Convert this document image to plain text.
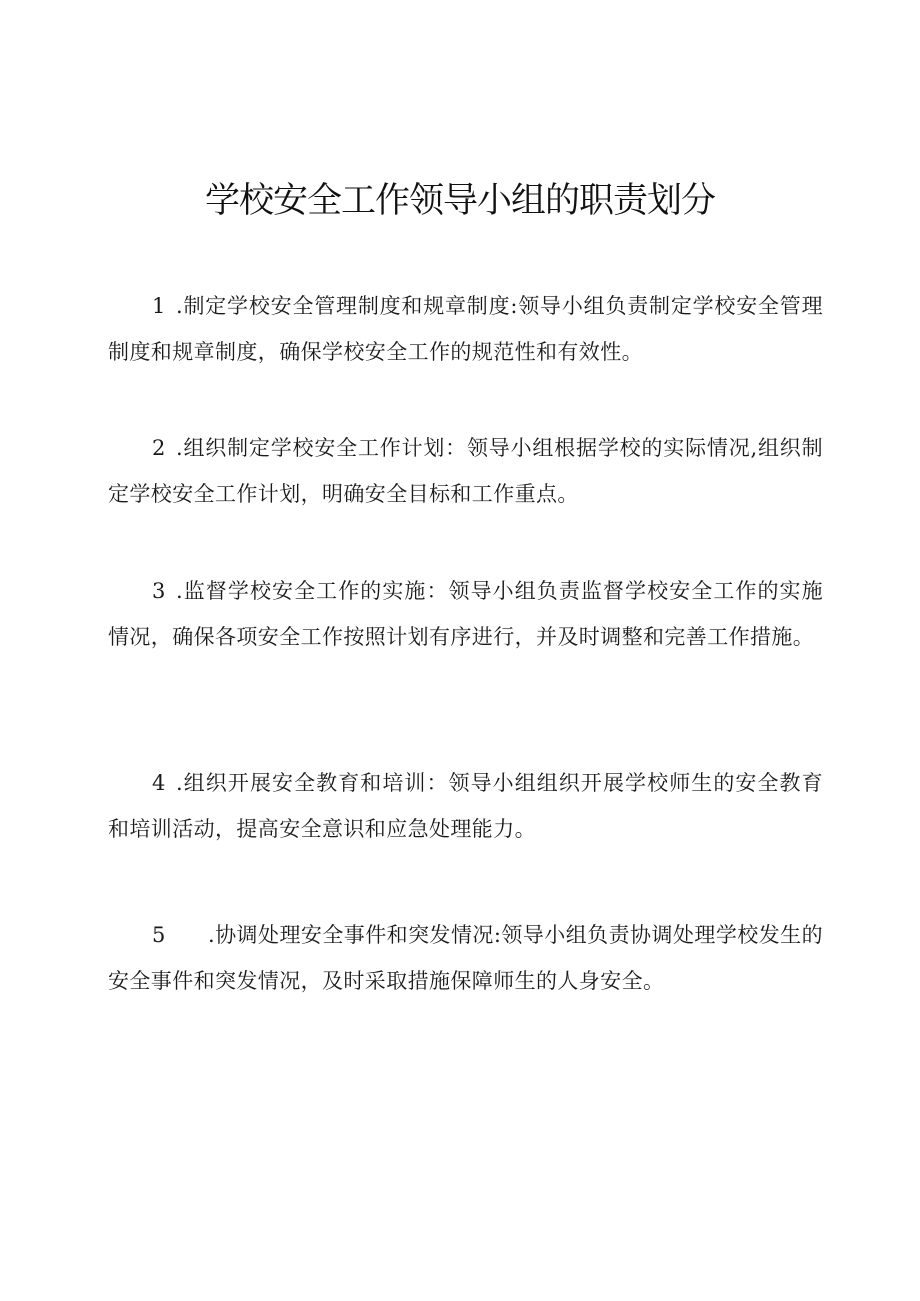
学校安全工作领导小组的职责划分

1 .制定学校安全管理制度和规章制度:领导小组负责制定学校安全管理制度和规章制度，确保学校安全工作的规范性和有效性。

2 .组织制定学校安全工作计划：领导小组根据学校的实际情况,组织制定学校安全工作计划，明确安全目标和工作重点。

3 .监督学校安全工作的实施：领导小组负责监督学校安全工作的实施情况，确保各项安全工作按照计划有序进行，并及时调整和完善工作措施。

4 .组织开展安全教育和培训：领导小组组织开展学校师生的安全教育和培训活动，提高安全意识和应急处理能力。

5 .协调处理安全事件和突发情况:领导小组负责协调处理学校发生的安全事件和突发情况，及时采取措施保障师生的人身安全。
